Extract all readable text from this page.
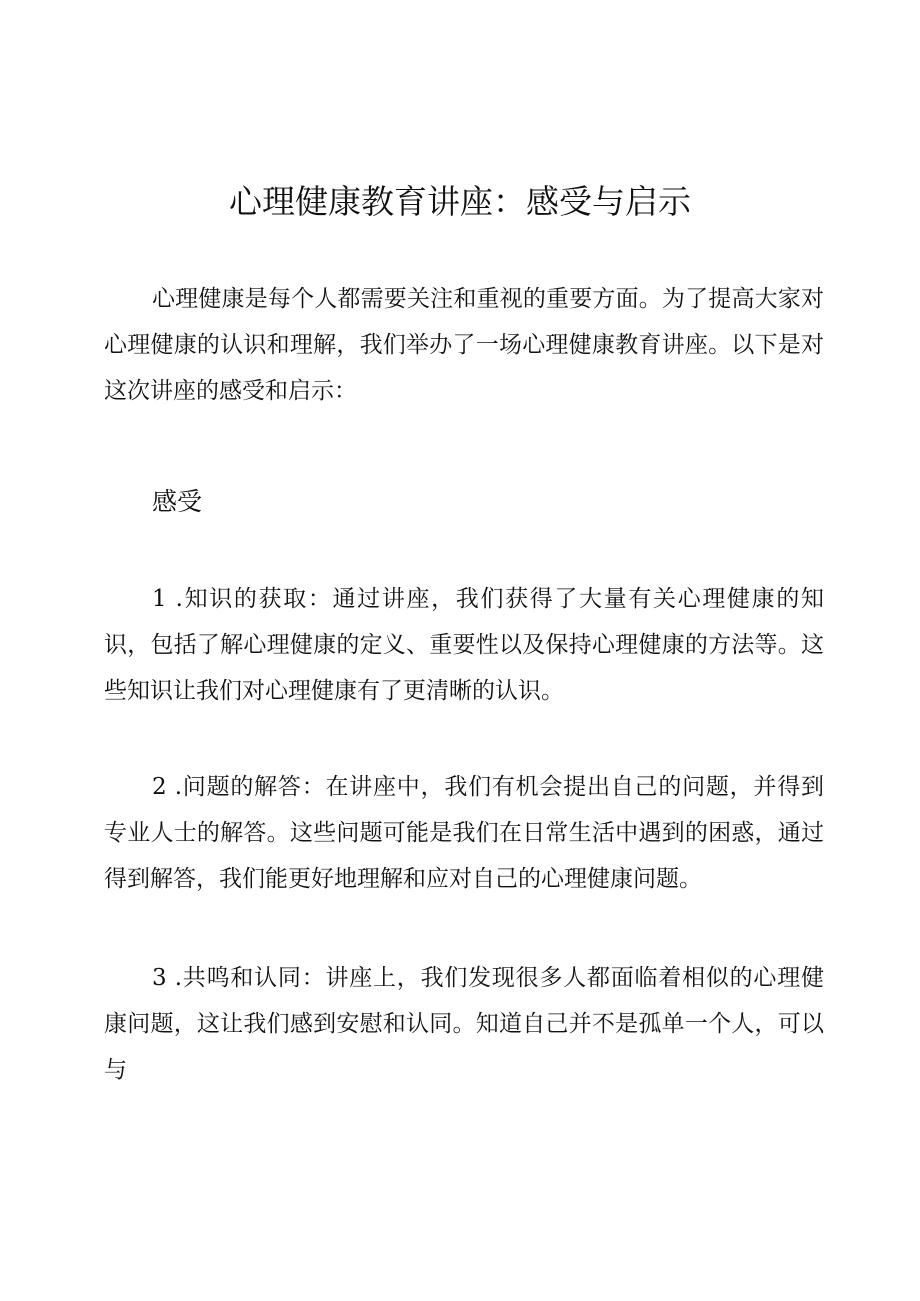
心理健康教育讲座：感受与启示

心理健康是每个人都需要关注和重视的重要方面。为了提高大家对心理健康的认识和理解，我们举办了一场心理健康教育讲座。以下是对这次讲座的感受和启示：

感受

1 .知识的获取：通过讲座，我们获得了大量有关心理健康的知识，包括了解心理健康的定义、重要性以及保持心理健康的方法等。这些知识让我们对心理健康有了更清晰的认识。

2 .问题的解答：在讲座中，我们有机会提出自己的问题，并得到专业人士的解答。这些问题可能是我们在日常生活中遇到的困惑，通过得到解答，我们能更好地理解和应对自己的心理健康问题。

3 .共鸣和认同：讲座上，我们发现很多人都面临着相似的心理健康问题，这让我们感到安慰和认同。知道自己并不是孤单一个人，可以与
